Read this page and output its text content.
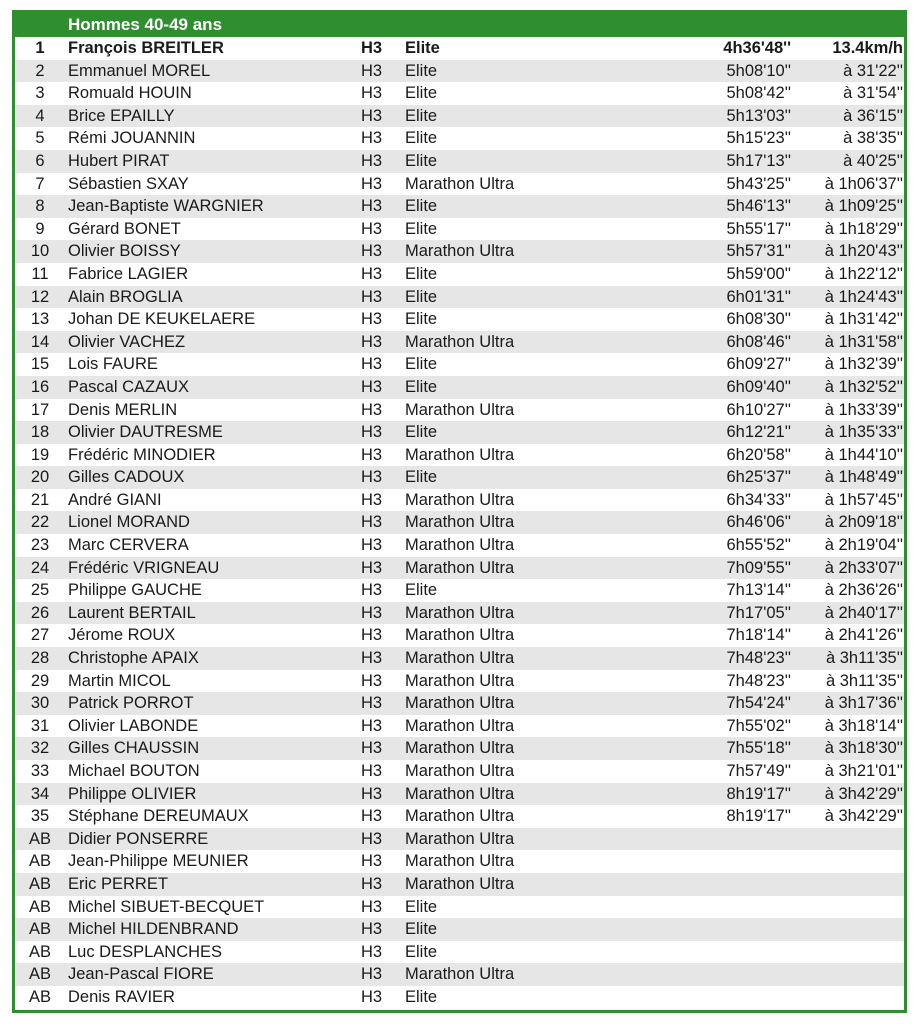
Hommes 40-49 ans
1	François BREITLER	H3 Elite	4h36'48''	13.4km/h
2	Emmanuel MOREL	H3 Elite	5h08'10''	à 31'22''
3	Romuald HOUIN	H3 Elite	5h08'42''	à 31'54''
4	Brice EPAILLY	H3 Elite	5h13'03''	à 36'15''
5	Rémi JOUANNIN	H3 Elite	5h15'23''	à 38'35''
6	Hubert PIRAT	H3 Elite	5h17'13''	à 40'25''
7	Sébastien SXAY	H3 Marathon Ultra	5h43'25''	à 1h06'37''
8	Jean-Baptiste WARGNIER	H3 Elite	5h46'13''	à 1h09'25''
9	Gérard BONET	H3 Elite	5h55'17''	à 1h18'29''
10	Olivier BOISSY	H3 Marathon Ultra	5h57'31''	à 1h20'43''
11	Fabrice LAGIER	H3 Elite	5h59'00''	à 1h22'12''
12	Alain BROGLIA	H3 Elite	6h01'31''	à 1h24'43''
13	Johan DE KEUKELAERE	H3 Elite	6h08'30''	à 1h31'42''
14	Olivier VACHEZ	H3 Marathon Ultra	6h08'46''	à 1h31'58''
15	Lois FAURE	H3 Elite	6h09'27''	à 1h32'39''
16	Pascal CAZAUX	H3 Elite	6h09'40''	à 1h32'52''
17	Denis MERLIN	H3 Marathon Ultra	6h10'27''	à 1h33'39''
18	Olivier DAUTRESME	H3 Elite	6h12'21''	à 1h35'33''
19	Frédéric MINODIER	H3 Marathon Ultra	6h20'58''	à 1h44'10''
20	Gilles CADOUX	H3 Elite	6h25'37''	à 1h48'49''
21	André GIANI	H3 Marathon Ultra	6h34'33''	à 1h57'45''
22	Lionel MORAND	H3 Marathon Ultra	6h46'06''	à 2h09'18''
23	Marc CERVERA	H3 Marathon Ultra	6h55'52''	à 2h19'04''
24	Frédéric VRIGNEAU	H3 Marathon Ultra	7h09'55''	à 2h33'07''
25	Philippe GAUCHE	H3 Elite	7h13'14''	à 2h36'26''
26	Laurent BERTAIL	H3 Marathon Ultra	7h17'05''	à 2h40'17''
27	Jérome ROUX	H3 Marathon Ultra	7h18'14''	à 2h41'26''
28	Christophe APAIX	H3 Marathon Ultra	7h48'23''	à 3h11'35''
29	Martin MICOL	H3 Marathon Ultra	7h48'23''	à 3h11'35''
30	Patrick PORROT	H3 Marathon Ultra	7h54'24''	à 3h17'36''
31	Olivier LABONDE	H3 Marathon Ultra	7h55'02''	à 3h18'14''
32	Gilles CHAUSSIN	H3 Marathon Ultra	7h55'18''	à 3h18'30''
33	Michael BOUTON	H3 Marathon Ultra	7h57'49''	à 3h21'01''
34	Philippe OLIVIER	H3 Marathon Ultra	8h19'17''	à 3h42'29''
35	Stéphane DEREUMAUX	H3 Marathon Ultra	8h19'17''	à 3h42'29''
AB	Didier PONSERRE	H3 Marathon Ultra
AB	Jean-Philippe MEUNIER	H3 Marathon Ultra
AB	Eric PERRET	H3 Marathon Ultra
AB	Michel SIBUET-BECQUET	H3 Elite
AB	Michel HILDENBRAND	H3 Elite
AB	Luc DESPLANCHES	H3 Elite
AB	Jean-Pascal FIORE	H3 Marathon Ultra
AB	Denis RAVIER	H3 Elite
